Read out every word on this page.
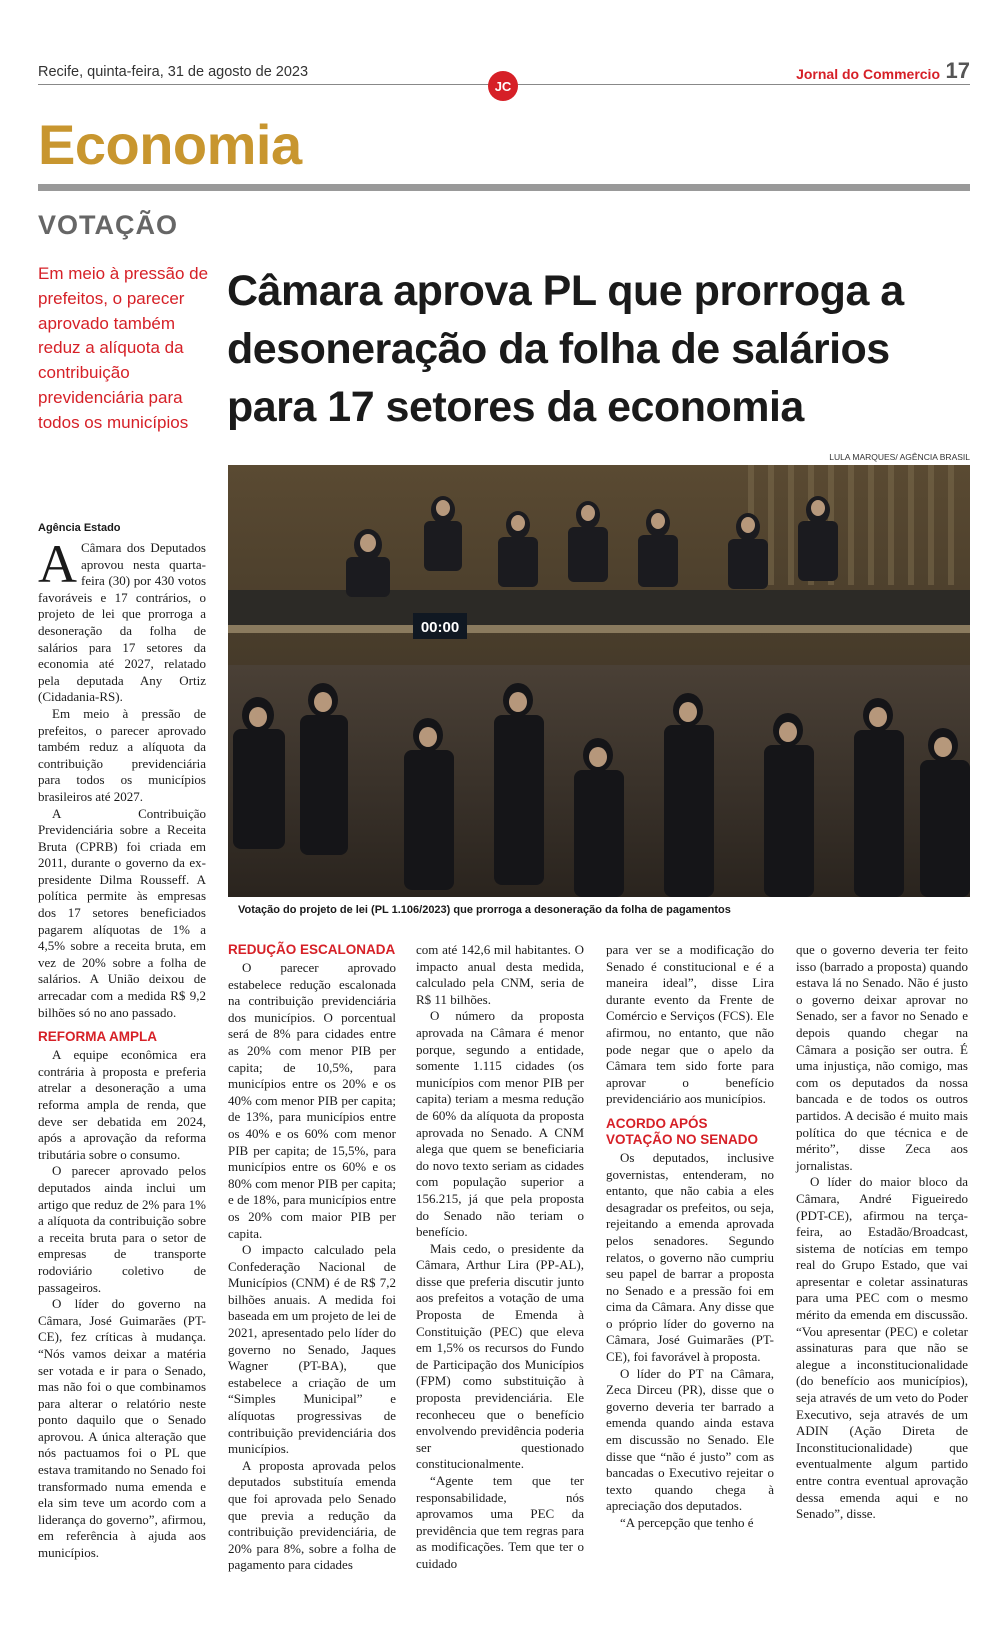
Recife, quinta-feira, 31 de agosto de 2023	Jornal do Commercio 17
JC
Economia
VOTAÇÃO
Em meio à pressão de prefeitos, o parecer aprovado também reduz a alíquota da contribuição previdenciária para todos os municípios
Câmara aprova PL que prorroga a desoneração da folha de salários para 17 setores da economia
LULA MARQUES/ AGÊNCIA BRASIL
00:00
Votação do projeto de lei (PL 1.106/2023) que prorroga a desoneração da folha de pagamentos
Agência Estado

A Câmara dos Deputados aprovou nesta quarta-feira (30) por 430 votos favoráveis e 17 contrários, o projeto de lei que prorroga a desoneração da folha de salários para 17 setores da economia até 2027, relatado pela deputada Any Ortiz (Cidadania-RS).

Em meio à pressão de prefeitos, o parecer aprovado também reduz a alíquota da contribuição previdenciária para todos os municípios brasileiros até 2027.

A Contribuição Previdenciária sobre a Receita Bruta (CPRB) foi criada em 2011, durante o governo da ex-presidente Dilma Rousseff. A política permite às empresas dos 17 setores beneficiados pagarem alíquotas de 1% a 4,5% sobre a receita bruta, em vez de 20% sobre a folha de salários. A União deixou de arrecadar com a medida R$ 9,2 bilhões só no ano passado.

REFORMA AMPLA

A equipe econômica era contrária à proposta e preferia atrelar a desoneração a uma reforma ampla de renda, que deve ser debatida em 2024, após a aprovação da reforma tributária sobre o consumo.

O parecer aprovado pelos deputados ainda inclui um artigo que reduz de 2% para 1% a alíquota da contribuição sobre a receita bruta para o setor de empresas de transporte rodoviário coletivo de passageiros.

O líder do governo na Câmara, José Guimarães (PT-CE), fez críticas à mudança. “Nós vamos deixar a matéria ser votada e ir para o Senado, mas não foi o que combinamos para alterar o relatório neste ponto daquilo que o Senado aprovou. A única alteração que nós pactuamos foi o PL que estava tramitando no Senado foi transformado numa emenda e ela sim teve um acordo com a liderança do governo”, afirmou, em referência à ajuda aos municípios.

REDUÇÃO ESCALONADA

O parecer aprovado estabelece redução escalonada na contribuição previdenciária dos municípios. O porcentual será de 8% para cidades entre as 20% com menor PIB per capita; de 10,5%, para municípios entre os 20% e os 40% com menor PIB per capita; de 13%, para municípios entre os 40% e os 60% com menor PIB per capita; de 15,5%, para municípios entre os 60% e os 80% com menor PIB per capita; e de 18%, para municípios entre os 20% com maior PIB per capita.

O impacto calculado pela Confederação Nacional de Municípios (CNM) é de R$ 7,2 bilhões anuais. A medida foi baseada em um projeto de lei de 2021, apresentado pelo líder do governo no Senado, Jaques Wagner (PT-BA), que estabelece a criação de um “Simples Municipal” e alíquotas progressivas de contribuição previdenciária dos municípios.

A proposta aprovada pelos deputados substituía emenda que foi aprovada pelo Senado que previa a redução da contribuição previdenciária, de 20% para 8%, sobre a folha de pagamento para cidades

com até 142,6 mil habitantes. O impacto anual desta medida, calculado pela CNM, seria de R$ 11 bilhões.

O número da proposta aprovada na Câmara é menor porque, segundo a entidade, somente 1.115 cidades (os municípios com menor PIB per capita) teriam a mesma redução de 60% da alíquota da proposta aprovada no Senado. A CNM alega que quem se beneficiaria do novo texto seriam as cidades com população superior a 156.215, já que pela proposta do Senado não teriam o benefício.

Mais cedo, o presidente da Câmara, Arthur Lira (PP-AL), disse que preferia discutir junto aos prefeitos a votação de uma Proposta de Emenda à Constituição (PEC) que eleva em 1,5% os recursos do Fundo de Participação dos Municípios (FPM) como substituição à proposta previdenciária. Ele reconheceu que o benefício envolvendo previdência poderia ser questionado constitucionalmente.

“Agente tem que ter responsabilidade, nós aprovamos uma PEC da previdência que tem regras para as modificações. Tem que ter o cuidado

para ver se a modificação do Senado é constitucional e é a maneira ideal”, disse Lira durante evento da Frente de Comércio e Serviços (FCS). Ele afirmou, no entanto, que não pode negar que o apelo da Câmara tem sido forte para aprovar o benefício previdenciário aos municípios.

ACORDO APÓS VOTAÇÃO NO SENADO

Os deputados, inclusive governistas, entenderam, no entanto, que não cabia a eles desagradar os prefeitos, ou seja, rejeitando a emenda aprovada pelos senadores. Segundo relatos, o governo não cumpriu seu papel de barrar a proposta no Senado e a pressão foi em cima da Câmara. Any disse que o próprio líder do governo na Câmara, José Guimarães (PT-CE), foi favorável à proposta.

O líder do PT na Câmara, Zeca Dirceu (PR), disse que o governo deveria ter barrado a emenda quando ainda estava em discussão no Senado. Ele disse que “não é justo” com as bancadas o Executivo rejeitar o texto quando chega à apreciação dos deputados.

“A percepção que tenho é

que o governo deveria ter feito isso (barrado a proposta) quando estava lá no Senado. Não é justo o governo deixar aprovar no Senado, ser a favor no Senado e depois quando chegar na Câmara a posição ser outra. É uma injustiça, não comigo, mas com os deputados da nossa bancada e de todos os outros partidos. A decisão é muito mais política do que técnica e de mérito”, disse Zeca aos jornalistas.

O líder do maior bloco da Câmara, André Figueiredo (PDT-CE), afirmou na terça-feira, ao Estadão/Broadcast, sistema de notícias em tempo real do Grupo Estado, que vai apresentar e coletar assinaturas para uma PEC com o mesmo mérito da emenda em discussão. “Vou apresentar (PEC) e coletar assinaturas para que não se alegue a inconstitucionalidade (do benefício aos municípios), seja através de um veto do Poder Executivo, seja através de um ADIN (Ação Direta de Inconstitucionalidade) que eventualmente algum partido entre contra eventual aprovação dessa emenda aqui e no Senado”, disse.
